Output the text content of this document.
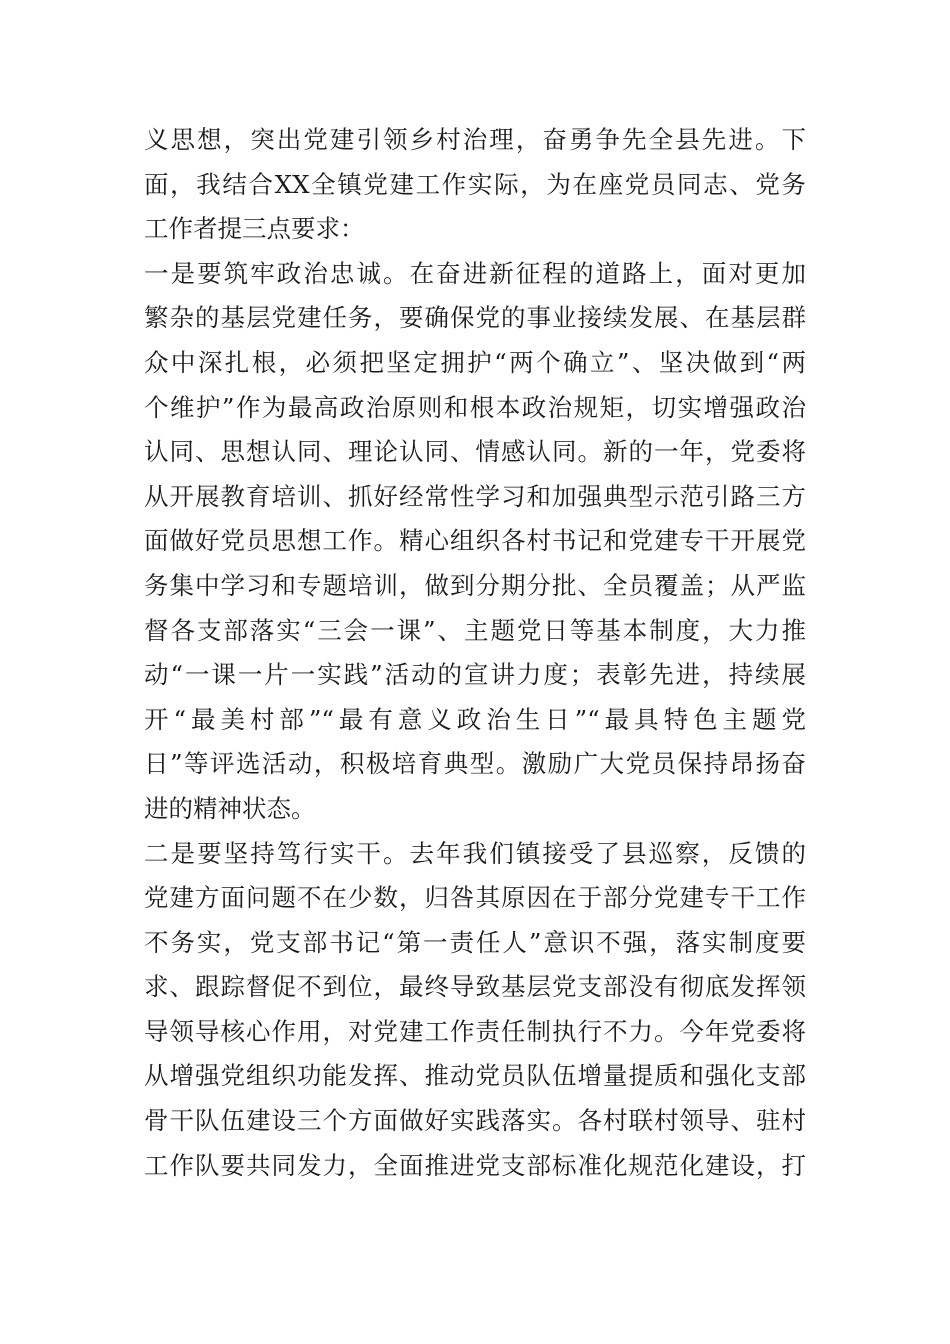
义思想，突出党建引领乡村治理，奋勇争先全县先进。下
面，我结合XX全镇党建工作实际，为在座党员同志、党务
工作者提三点要求：
一是要筑牢政治忠诚。在奋进新征程的道路上，面对更加
繁杂的基层党建任务，要确保党的事业接续发展、在基层群
众中深扎根，必须把坚定拥护“两个确立”、坚决做到“两
个维护”作为最高政治原则和根本政治规矩，切实增强政治
认同、思想认同、理论认同、情感认同。新的一年，党委将
从开展教育培训、抓好经常性学习和加强典型示范引路三方
面做好党员思想工作。精心组织各村书记和党建专干开展党
务集中学习和专题培训，做到分期分批、全员覆盖；从严监
督各支部落实“三会一课”、主题党日等基本制度，大力推
动“一课一片一实践”活动的宣讲力度；表彰先进，持续展
开“最美村部”“最有意义政治生日”“最具特色主题党
日”等评选活动，积极培育典型。激励广大党员保持昂扬奋
进的精神状态。
二是要坚持笃行实干。去年我们镇接受了县巡察，反馈的
党建方面问题不在少数，归咎其原因在于部分党建专干工作
不务实，党支部书记“第一责任人”意识不强，落实制度要
求、跟踪督促不到位，最终导致基层党支部没有彻底发挥领
导领导核心作用，对党建工作责任制执行不力。今年党委将
从增强党组织功能发挥、推动党员队伍增量提质和强化支部
骨干队伍建设三个方面做好实践落实。各村联村领导、驻村
工作队要共同发力，全面推进党支部标准化规范化建设，打
